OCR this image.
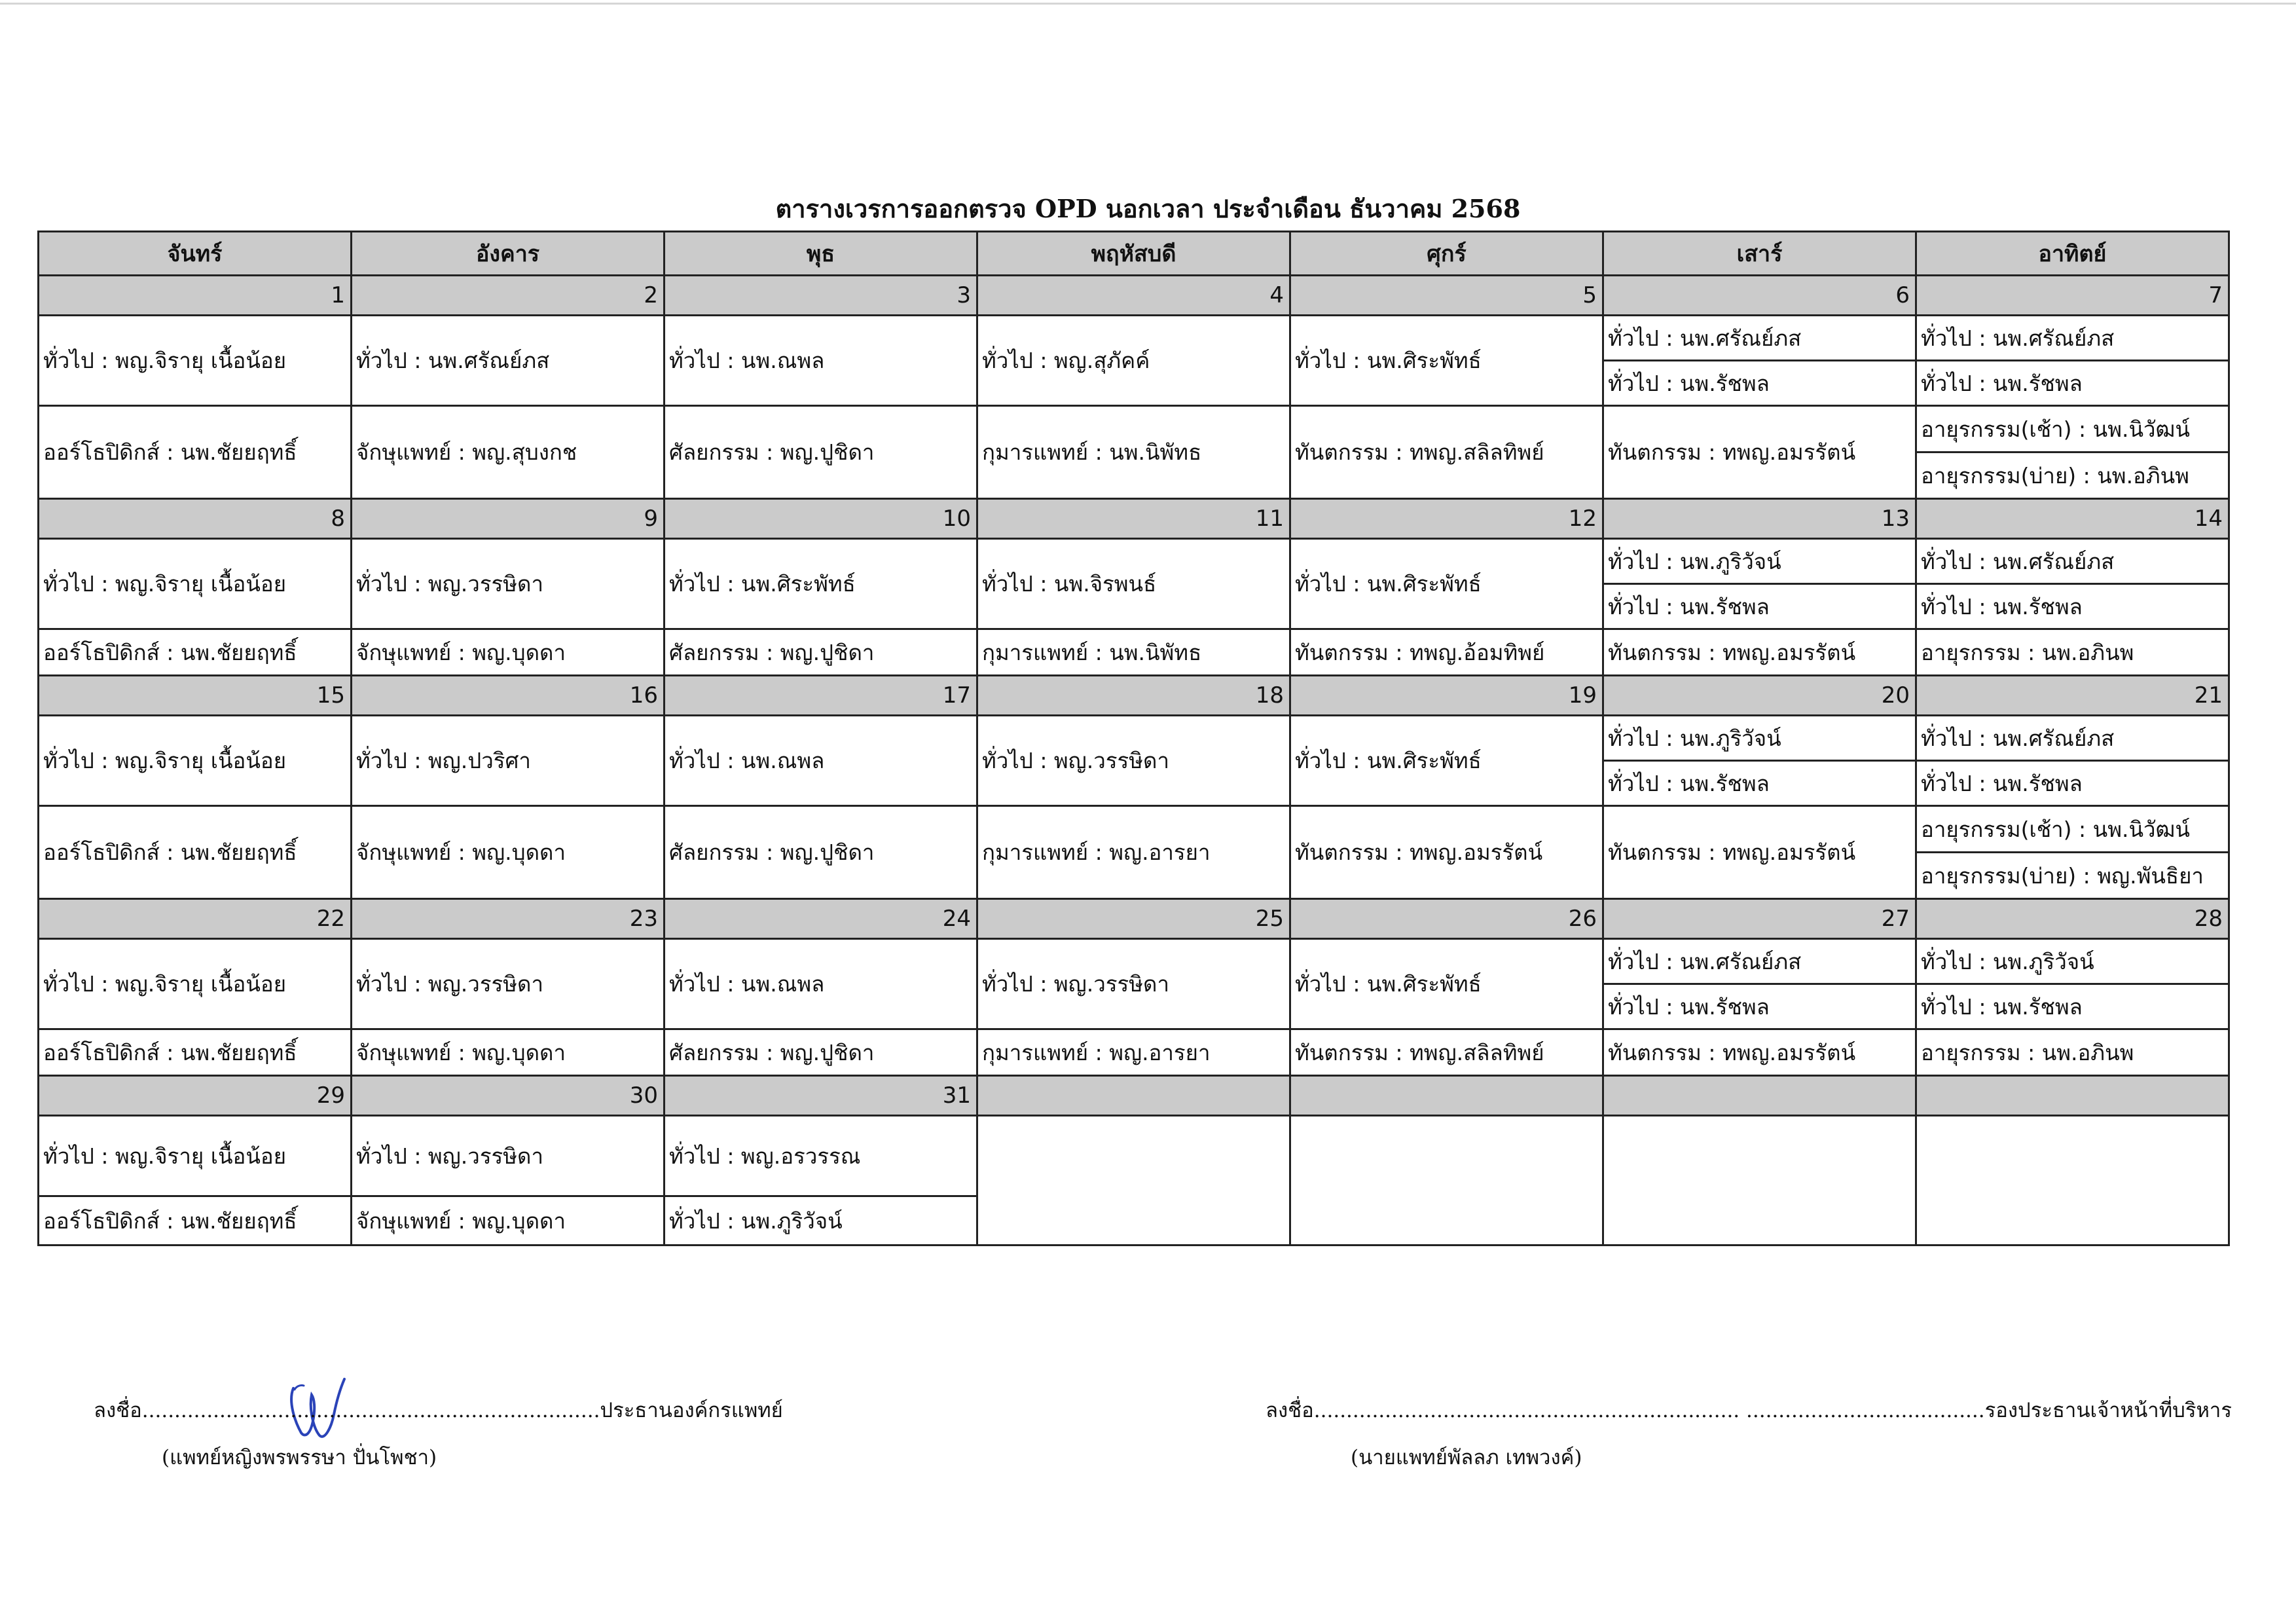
ตารางเวรการออกตรวจ OPD นอกเวลา ประจำเดือน ธันวาคม 2568
จันทร์	อังคาร	พุธ	พฤหัสบดี	ศุกร์	เสาร์	อาทิตย์
1	2	3	4	5	6	7
ทั่วไป : พญ.จิรายุ เนื้อน้อย	ทั่วไป : นพ.ศรัณย์ภส	ทั่วไป : นพ.ณพล	ทั่วไป : พญ.สุภัคค์	ทั่วไป : นพ.ศิระพัทธ์	ทั่วไป : นพ.ศรัณย์ภส	ทั่วไป : นพ.ศรัณย์ภส
					ทั่วไป : นพ.รัชพล	ทั่วไป : นพ.รัชพล
ออร์โธปิดิกส์ : นพ.ชัยยฤทธิ์	จักษุแพทย์ : พญ.สุบงกช	ศัลยกรรม : พญ.ปูชิดา	กุมารแพทย์ : นพ.นิพัทธ	ทันตกรรม : ทพญ.สลิลทิพย์	ทันตกรรม : ทพญ.อมรรัตน์	อายุรกรรม(เช้า) : นพ.นิวัฒน์
						อายุรกรรม(บ่าย) : นพ.อภินพ
8	9	10	11	12	13	14
ทั่วไป : พญ.จิรายุ เนื้อน้อย	ทั่วไป : พญ.วรรษิดา	ทั่วไป : นพ.ศิระพัทธ์	ทั่วไป : นพ.จิรพนธ์	ทั่วไป : นพ.ศิระพัทธ์	ทั่วไป : นพ.ภูริวัจน์	ทั่วไป : นพ.ศรัณย์ภส
					ทั่วไป : นพ.รัชพล	ทั่วไป : นพ.รัชพล
ออร์โธปิดิกส์ : นพ.ชัยยฤทธิ์	จักษุแพทย์ : พญ.บุดดา	ศัลยกรรม : พญ.ปูชิดา	กุมารแพทย์ : นพ.นิพัทธ	ทันตกรรม : ทพญ.อ้อมทิพย์	ทันตกรรม : ทพญ.อมรรัตน์	อายุรกรรม : นพ.อภินพ
15	16	17	18	19	20	21
ทั่วไป : พญ.จิรายุ เนื้อน้อย	ทั่วไป : พญ.ปวริศา	ทั่วไป : นพ.ณพล	ทั่วไป : พญ.วรรษิดา	ทั่วไป : นพ.ศิระพัทธ์	ทั่วไป : นพ.ภูริวัจน์	ทั่วไป : นพ.ศรัณย์ภส
					ทั่วไป : นพ.รัชพล	ทั่วไป : นพ.รัชพล
ออร์โธปิดิกส์ : นพ.ชัยยฤทธิ์	จักษุแพทย์ : พญ.บุดดา	ศัลยกรรม : พญ.ปูชิดา	กุมารแพทย์ : พญ.อารยา	ทันตกรรม : ทพญ.อมรรัตน์	ทันตกรรม : ทพญ.อมรรัตน์	อายุรกรรม(เช้า) : นพ.นิวัฒน์
						อายุรกรรม(บ่าย) : พญ.พันธิยา
22	23	24	25	26	27	28
ทั่วไป : พญ.จิรายุ เนื้อน้อย	ทั่วไป : พญ.วรรษิดา	ทั่วไป : นพ.ณพล	ทั่วไป : พญ.วรรษิดา	ทั่วไป : นพ.ศิระพัทธ์	ทั่วไป : นพ.ศรัณย์ภส	ทั่วไป : นพ.ภูริวัจน์
					ทั่วไป : นพ.รัชพล	ทั่วไป : นพ.รัชพล
ออร์โธปิดิกส์ : นพ.ชัยยฤทธิ์	จักษุแพทย์ : พญ.บุดดา	ศัลยกรรม : พญ.ปูชิดา	กุมารแพทย์ : พญ.อารยา	ทันตกรรม : ทพญ.สลิลทิพย์	ทันตกรรม : ทพญ.อมรรัตน์	อายุรกรรม : นพ.อภินพ
29	30	31				
ทั่วไป : พญ.จิรายุ เนื้อน้อย	ทั่วไป : พญ.วรรษิดา	ทั่วไป : พญ.อรวรรณ				
ออร์โธปิดิกส์ : นพ.ชัยยฤทธิ์	จักษุแพทย์ : พญ.บุดดา	ทั่วไป : นพ.ภูริวัจน์				
ลงชื่อ.......................................................................ประธานองค์กรแพทย์
(แพทย์หญิงพรพรรษา ปั่นโพชา)
ลงชื่อ.................................................................. .....................................รองประธานเจ้าหน้าที่บริหาร
(นายแพทย์พัลลภ เทพวงค์)
